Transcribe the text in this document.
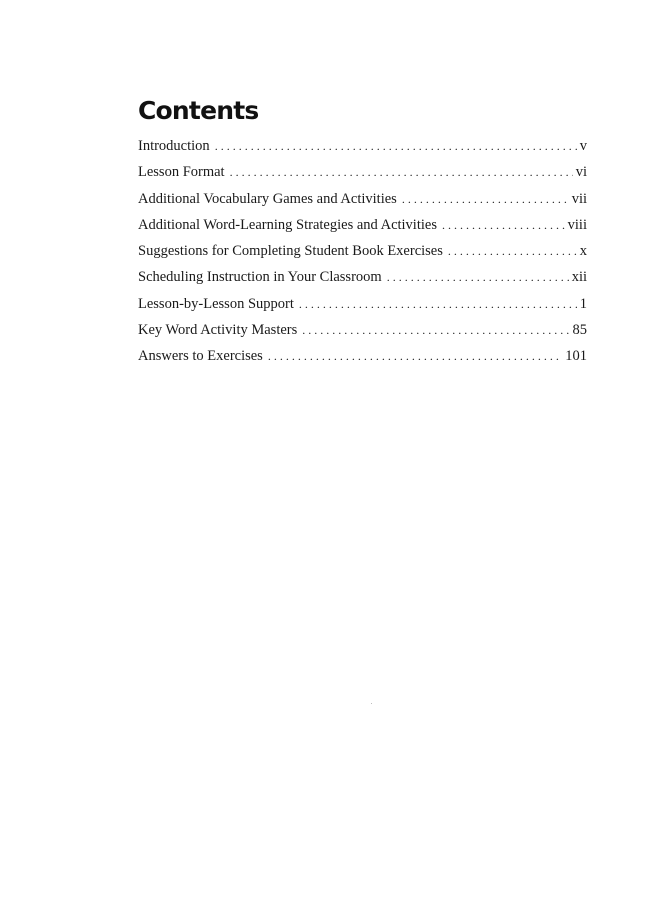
Contents
Introduction . . .	v
Lesson Format . . .	vi
Additional Vocabulary Games and Activities . . .	vii
Additional Word-Learning Strategies and Activities . . .	viii
Suggestions for Completing Student Book Exercises . . .	x
Scheduling Instruction in Your Classroom . . .	xii
Lesson-by-Lesson Support . . .	1
Key Word Activity Masters . . .	85
Answers to Exercises . . .	101
